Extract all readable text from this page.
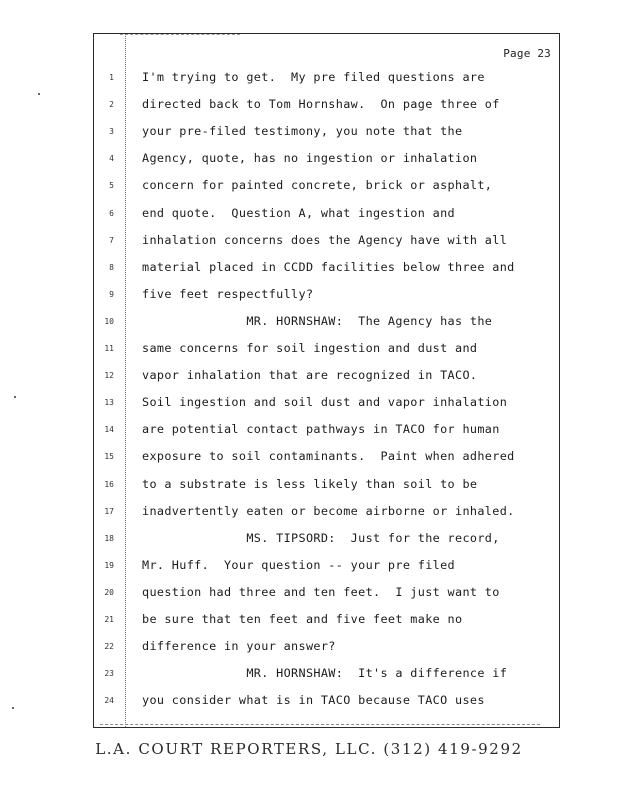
Page 23
1 I'm trying to get.  My pre filed questions are
2 directed back to Tom Hornshaw.  On page three of
3 your pre-filed testimony, you note that the
4 Agency, quote, has no ingestion or inhalation
5 concern for painted concrete, brick or asphalt,
6 end quote.  Question A, what ingestion and
7 inhalation concerns does the Agency have with all
8 material placed in CCDD facilities below three and
9 five feet respectfully?
10 MR. HORNSHAW:  The Agency has the
11 same concerns for soil ingestion and dust and
12 vapor inhalation that are recognized in TACO.
13 Soil ingestion and soil dust and vapor inhalation
14 are potential contact pathways in TACO for human
15 exposure to soil contaminants.  Paint when adhered
16 to a substrate is less likely than soil to be
17 inadvertently eaten or become airborne or inhaled.
18 MS. TIPSORD:  Just for the record,
19 Mr. Huff.  Your question -- your pre filed
20 question had three and ten feet.  I just want to
21 be sure that ten feet and five feet make no
22 difference in your answer?
23 MR. HORNSHAW:  It's a difference if
24 you consider what is in TACO because TACO uses
L.A. COURT REPORTERS, LLC. (312) 419-9292
